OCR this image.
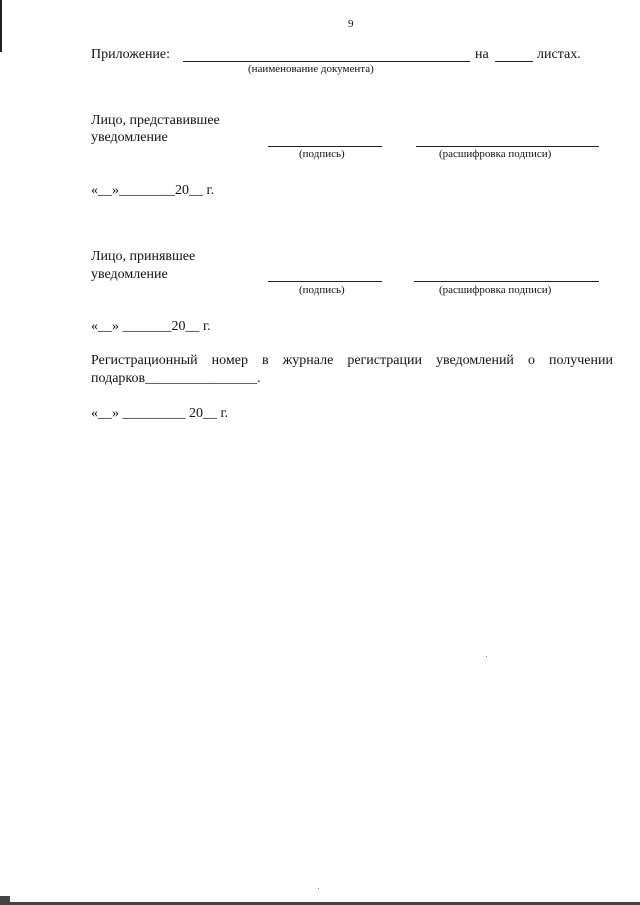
9
Приложение:	на	листах.
(наименование документа)
Лицо, представившее
уведомление
(подпись)	(расшифровка подписи)
«__»________20__ г.
Лицо, принявшее
уведомление
(подпись)	(расшифровка подписи)
«__» _______20__ г.
Регистрационный номер в журнале регистрации уведомлений о получении
подарков________________.
«__» _________ 20__ г.
